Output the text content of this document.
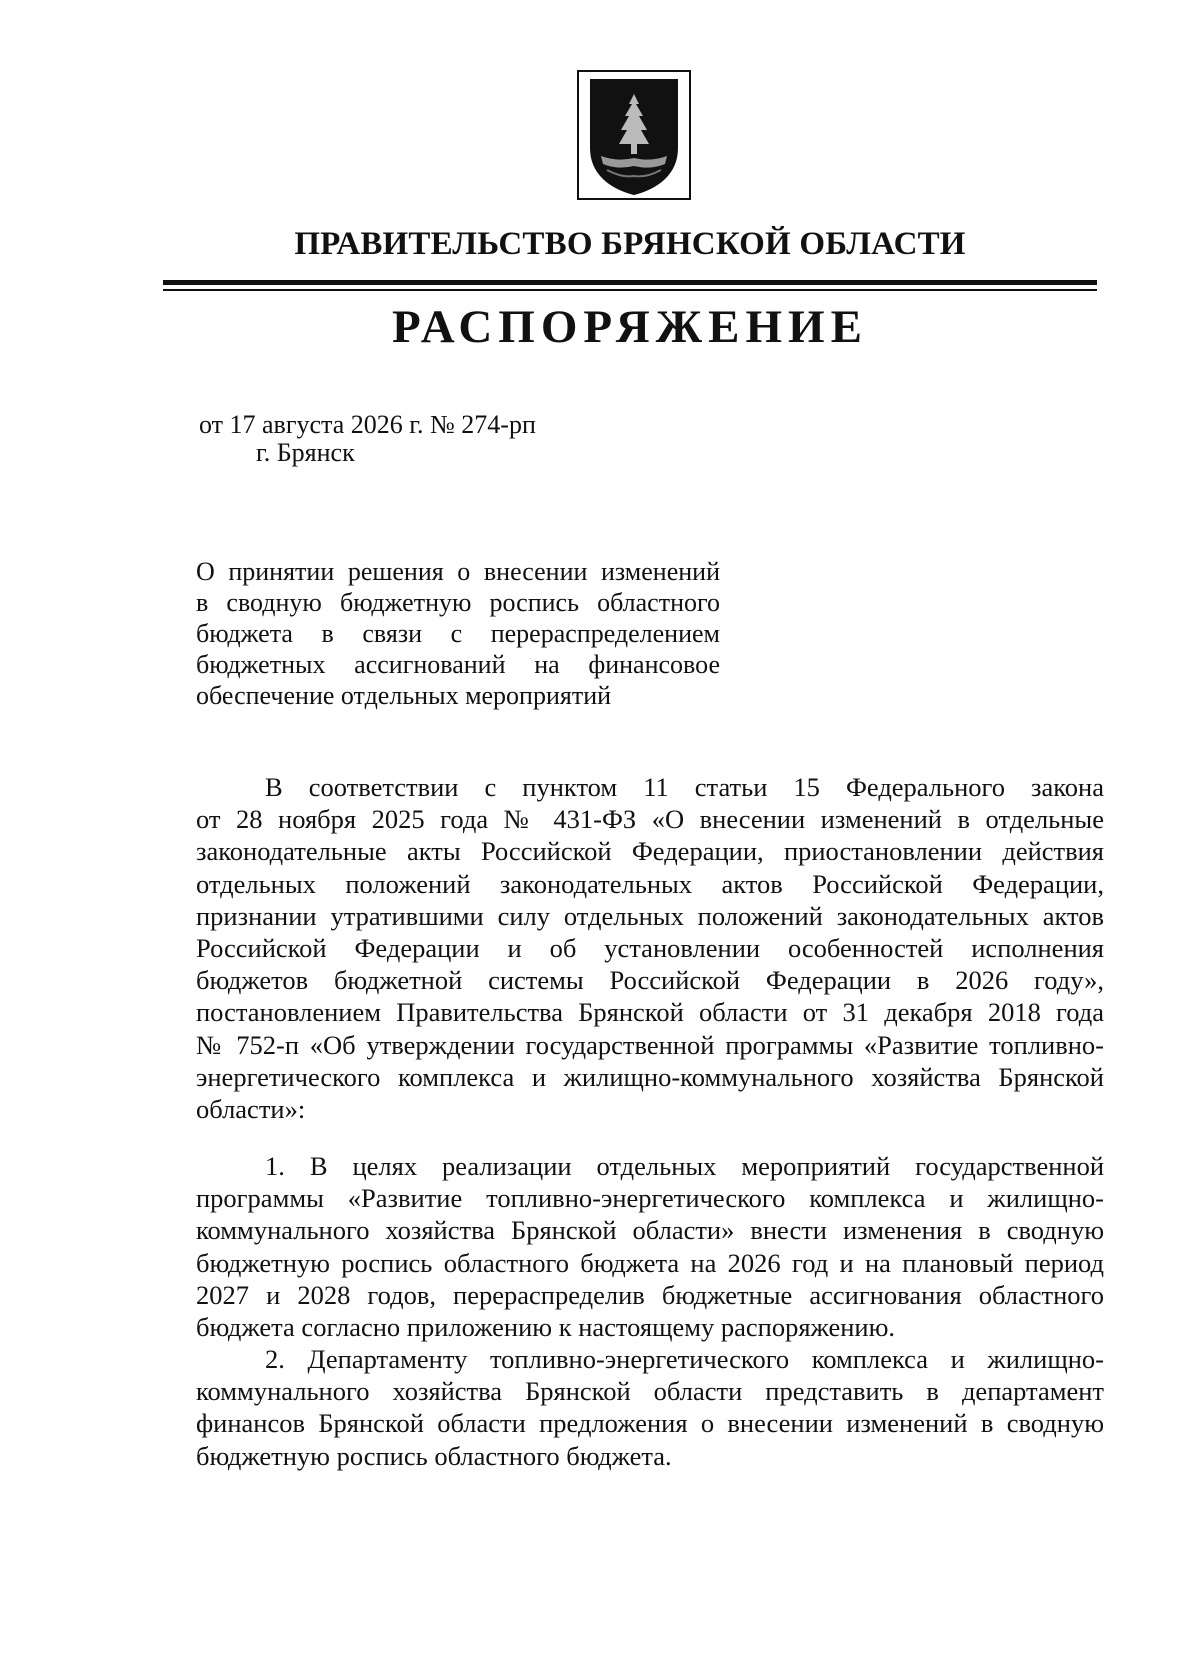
ПРАВИТЕЛЬСТВО БРЯНСКОЙ ОБЛАСТИ
РАСПОРЯЖЕНИЕ
от 17 августа 2026 г. № 274-рп
г. Брянск
О принятии решения о внесении изменений
в сводную бюджетную роспись областного
бюджета в связи с перераспределением
бюджетных ассигнований на финансовое
обеспечение отдельных мероприятий
В соответствии с пунктом 11 статьи 15 Федерального закона
от 28 ноября 2025 года № 431-ФЗ «О внесении изменений в отдельные
законодательные акты Российской Федерации, приостановлении действия
отдельных положений законодательных актов Российской Федерации,
признании утратившими силу отдельных положений законодательных актов
Российской Федерации и об установлении особенностей исполнения
бюджетов бюджетной системы Российской Федерации в 2026 году»,
постановлением Правительства Брянской области от 31 декабря 2018 года
№ 752-п «Об утверждении государственной программы «Развитие топливно-
энергетического комплекса и жилищно-коммунального хозяйства Брянской
области»:
1. В целях реализации отдельных мероприятий государственной
программы «Развитие топливно-энергетического комплекса и жилищно-
коммунального хозяйства Брянской области» внести изменения в сводную
бюджетную роспись областного бюджета на 2026 год и на плановый период
2027 и 2028 годов, перераспределив бюджетные ассигнования областного
бюджета согласно приложению к настоящему распоряжению.
2. Департаменту топливно-энергетического комплекса и жилищно-
коммунального хозяйства Брянской области представить в департамент
финансов Брянской области предложения о внесении изменений в сводную
бюджетную роспись областного бюджета.
